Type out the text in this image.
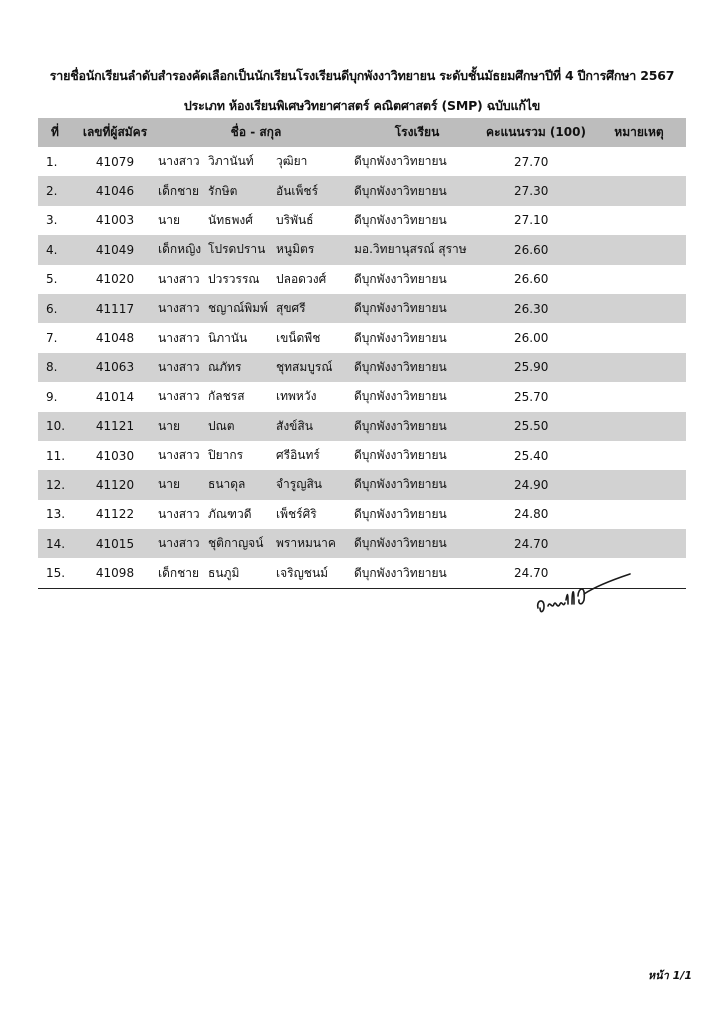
รายชื่อนักเรียนลำดับสำรองคัดเลือกเป็นนักเรียนโรงเรียนดีบุกพังงาวิทยายน ระดับชั้นมัธยมศึกษาปีที่ 4 ปีการศึกษา 2567
ประเภท ห้องเรียนพิเศษวิทยาศาสตร์ คณิตศาสตร์ (SMP) ฉบับแก้ไข
ที่	เลขที่ผู้สมัคร	ชื่อ - สกุล	โรงเรียน	คะแนนรวม (100)	หมายเหตุ
1.	41079	นางสาว วิภานันท์ วุฒิยา	ดีบุกพังงาวิทยายน	27.70	
2.	41046	เด็กชาย รักษิต อันเพ็ชร์	ดีบุกพังงาวิทยายน	27.30	
3.	41003	นาย นัทธพงศ์ บริพันธ์	ดีบุกพังงาวิทยายน	27.10	
4.	41049	เด็กหญิง โปรดปราน หนูมิตร	มอ.วิทยานุสรณ์ สุราษ	26.60	
5.	41020	นางสาว ปวรวรรณ ปลอดวงศ์	ดีบุกพังงาวิทยายน	26.60	
6.	41117	นางสาว ชญาณ์พิมพ์ สุขศรี	ดีบุกพังงาวิทยายน	26.30	
7.	41048	นางสาว นิภานัน เขน็ดพืช	ดีบุกพังงาวิทยายน	26.00	
8.	41063	นางสาว ณภัทร ชุทสมบูรณ์	ดีบุกพังงาวิทยายน	25.90	
9.	41014	นางสาว กัลชรส เทพหวัง	ดีบุกพังงาวิทยายน	25.70	
10.	41121	นาย ปณต สังข์สิน	ดีบุกพังงาวิทยายน	25.50	
11.	41030	นางสาว ปิยากร ศรีอินทร์	ดีบุกพังงาวิทยายน	25.40	
12.	41120	นาย ธนาดุล จำรูญสิน	ดีบุกพังงาวิทยายน	24.90	
13.	41122	นางสาว ภัณฑวดี เพ็ชร์ศิริ	ดีบุกพังงาวิทยายน	24.80	
14.	41015	นางสาว ชุติกาญจน์ พราหมนาค	ดีบุกพังงาวิทยายน	24.70	
15.	41098	เด็กชาย ธนภูมิ เจริญชนม์	ดีบุกพังงาวิทยายน	24.70	
หน้า 1/1
